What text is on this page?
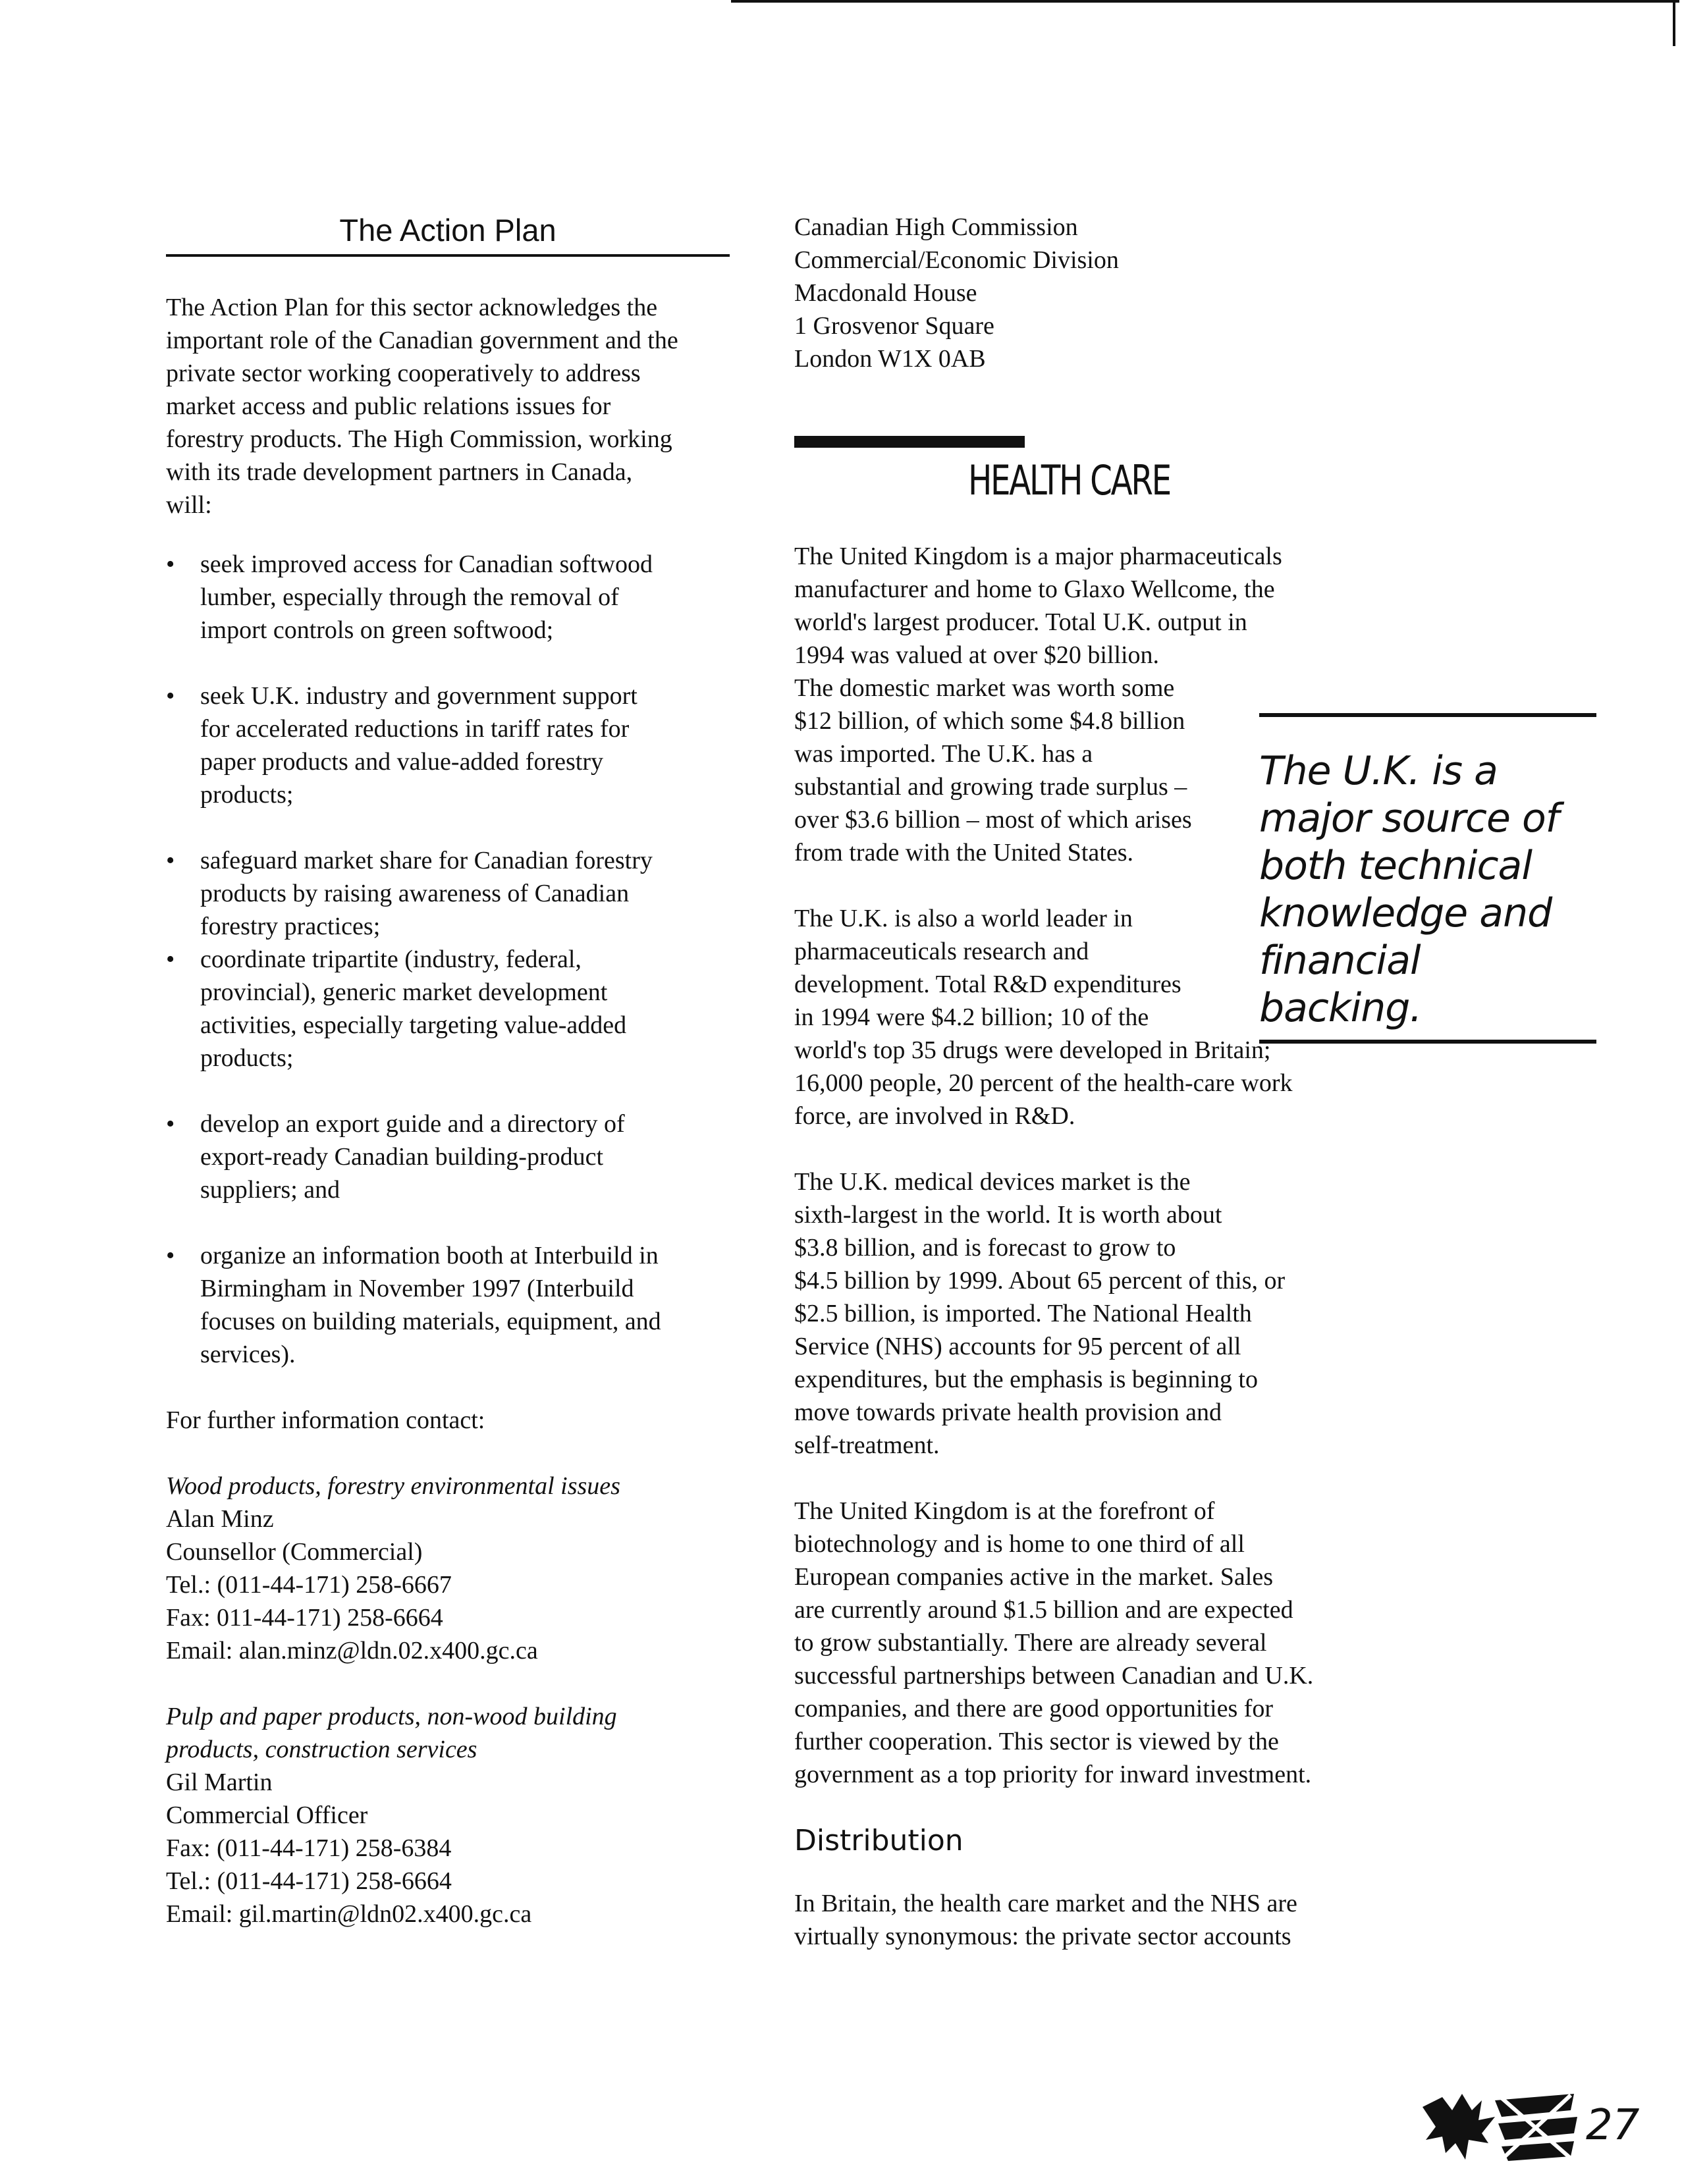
The Action Plan
The Action Plan for this sector acknowledges the
important role of the Canadian government and the
private sector working cooperatively to address
market access and public relations issues for
forestry products. The High Commission, working
with its trade development partners in Canada,
will:
• seek improved access for Canadian softwood
lumber, especially through the removal of
import controls on green softwood;
• seek U.K. industry and government support
for accelerated reductions in tariff rates for
paper products and value-added forestry
products;
• safeguard market share for Canadian forestry
products by raising awareness of Canadian
forestry practices;
• coordinate tripartite (industry, federal,
provincial), generic market development
activities, especially targeting value-added
products;
• develop an export guide and a directory of
export-ready Canadian building-product
suppliers; and
• organize an information booth at Interbuild in
Birmingham in November 1997 (Interbuild
focuses on building materials, equipment, and
services).
For further information contact:
Wood products, forestry environmental issues
Alan Minz
Counsellor (Commercial)
Tel.: (011-44-171) 258-6667
Fax: 011-44-171) 258-6664
Email: alan.minz@ldn.02.x400.gc.ca
Pulp and paper products, non-wood building
products, construction services
Gil Martin
Commercial Officer
Fax: (011-44-171) 258-6384
Tel.: (011-44-171) 258-6664
Email: gil.martin@ldn02.x400.gc.ca
Canadian High Commission
Commercial/Economic Division
Macdonald House
1 Grosvenor Square
London W1X 0AB
HEALTH CARE
The United Kingdom is a major pharmaceuticals
manufacturer and home to Glaxo Wellcome, the
world's largest producer. Total U.K. output in
1994 was valued at over $20 billion.
The domestic market was worth some
$12 billion, of which some $4.8 billion
was imported. The U.K. has a
substantial and growing trade surplus –
over $3.6 billion – most of which arises
from trade with the United States.
The U.K. is also a world leader in
pharmaceuticals research and
development. Total R&D expenditures
in 1994 were $4.2 billion; 10 of the
world's top 35 drugs were developed in Britain;
16,000 people, 20 percent of the health-care work
force, are involved in R&D.
The U.K. medical devices market is the
sixth-largest in the world. It is worth about
$3.8 billion, and is forecast to grow to
$4.5 billion by 1999. About 65 percent of this, or
$2.5 billion, is imported. The National Health
Service (NHS) accounts for 95 percent of all
expenditures, but the emphasis is beginning to
move towards private health provision and
self-treatment.
The United Kingdom is at the forefront of
biotechnology and is home to one third of all
European companies active in the market. Sales
are currently around $1.5 billion and are expected
to grow substantially. There are already several
successful partnerships between Canadian and U.K.
companies, and there are good opportunities for
further cooperation. This sector is viewed by the
government as a top priority for inward investment.
Distribution
In Britain, the health care market and the NHS are
virtually synonymous: the private sector accounts
The U.K. is a
major source of
both technical
knowledge and
financial
backing.
27
